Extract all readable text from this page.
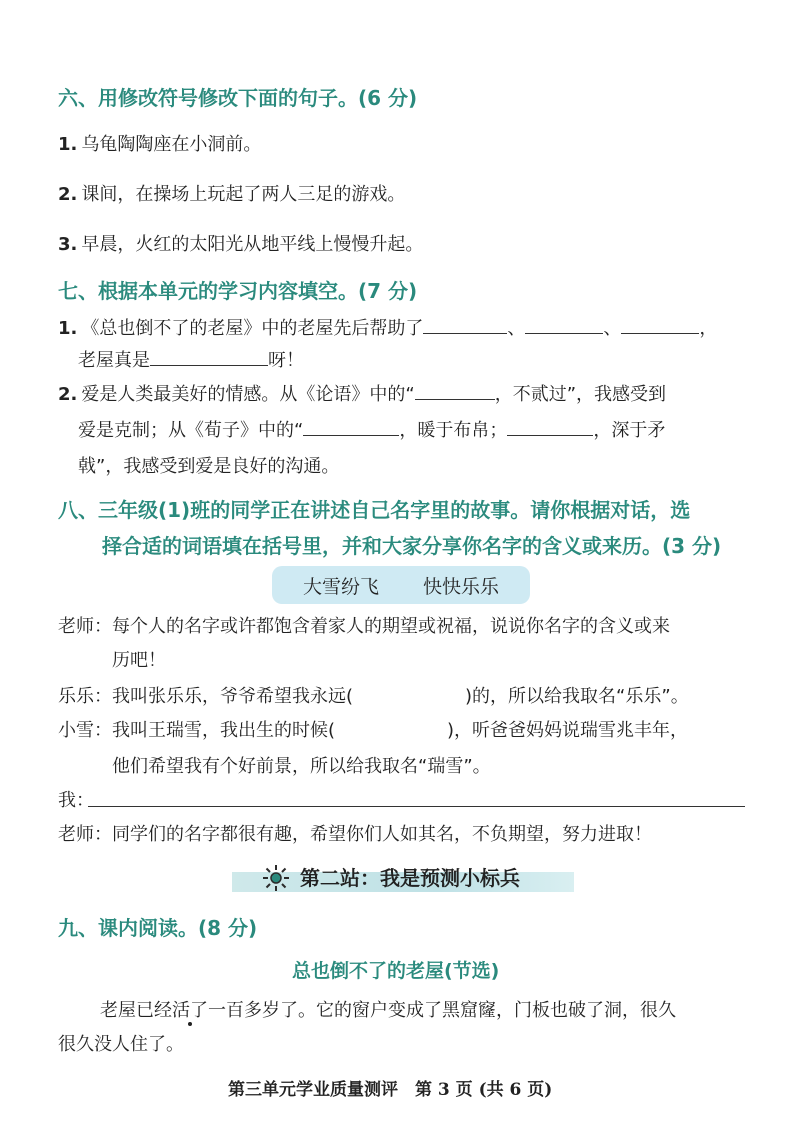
六、用修改符号修改下面的句子。(6 分)
1. 乌龟陶陶座在小洞前。
2. 课间，在操场上玩起了两人三足的游戏。
3. 早晨，火红的太阳光从地平线上慢慢升起。
七、根据本单元的学习内容填空。(7 分)
1. 《总也倒不了的老屋》中的老屋先后帮助了	、	、	，
老屋真是	呀！
2. 爱是人类最美好的情感。从《论语》中的“	，不贰过”，我感受到
爱是克制；从《荀子》中的“	，暖于布帛；	，深于矛
戟”，我感受到爱是良好的沟通。
八、三年级(1)班的同学正在讲述自己名字里的故事。请你根据对话，选
择合适的词语填在括号里，并和大家分享你名字的含义或来历。(3 分)
大雪纷飞 快快乐乐
老师：每个人的名字或许都饱含着家人的期望或祝福，说说你名字的含义或来
历吧！
乐乐：我叫张乐乐，爷爷希望我永远(	)的，所以给我取名“乐乐”。
小雪：我叫王瑞雪，我出生的时候(	)，听爸爸妈妈说瑞雪兆丰年，
他们希望我有个好前景，所以给我取名“瑞雪”。
我：
老师：同学们的名字都很有趣，希望你们人如其名，不负期望，努力进取！
第二站：我是预测小标兵
九、课内阅读。(8 分)
总也倒不了的老屋(节选)
老屋已经活了一百多岁了。它的窗户变成了黑窟窿，门板也破了洞，很久
很久没人住了。
第三单元学业质量测评　第 3 页 (共 6 页)
